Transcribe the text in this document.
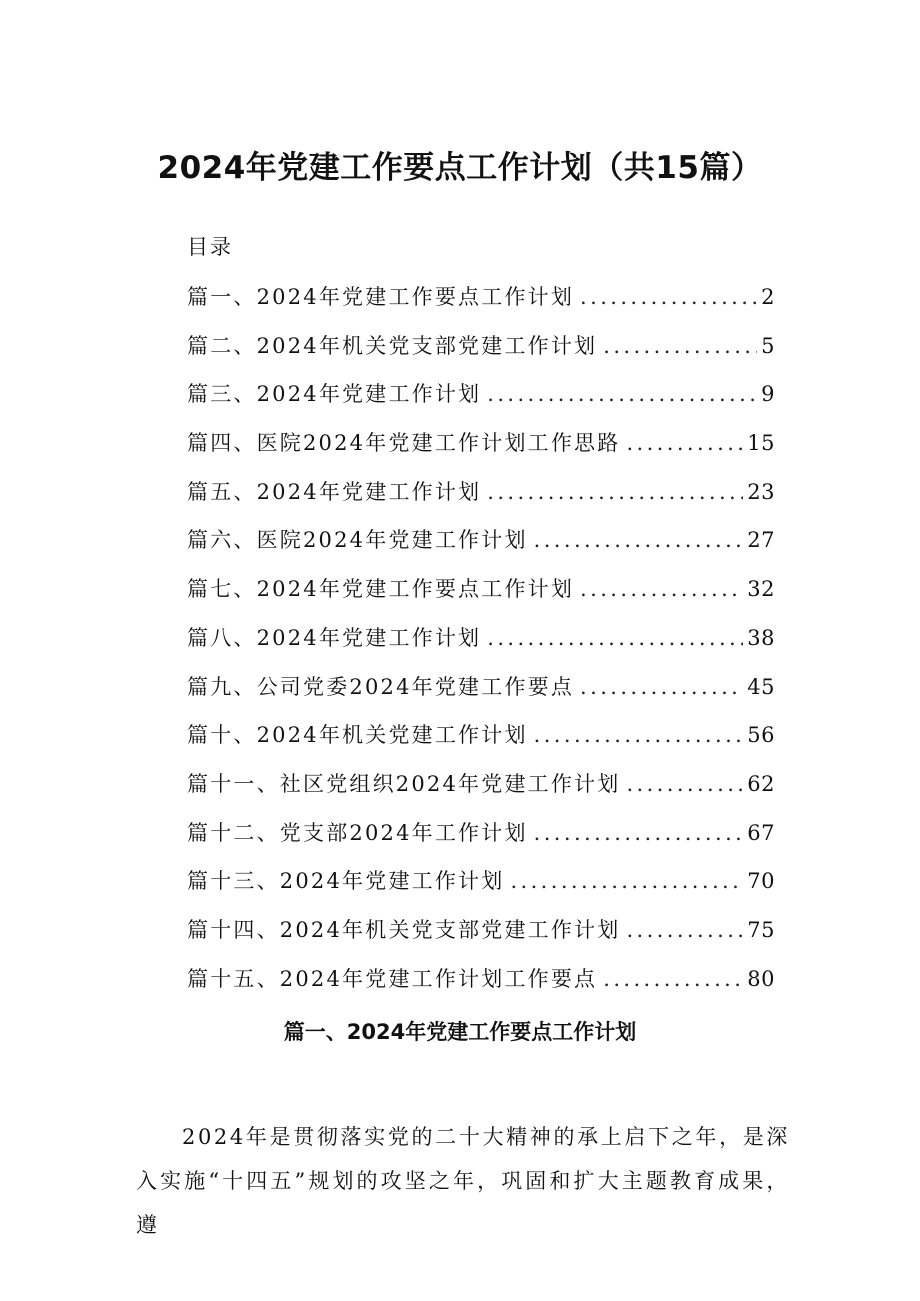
2024年党建工作要点工作计划（共15篇）
目录
篇一、2024年党建工作要点工作计划 .....	2
篇二、2024年机关党支部党建工作计划 .....	5
篇三、2024年党建工作计划 .....	9
篇四、医院2024年党建工作计划工作思路 .....	15
篇五、2024年党建工作计划 .....	23
篇六、医院2024年党建工作计划 .....	27
篇七、2024年党建工作要点工作计划 .....	32
篇八、2024年党建工作计划 .....	38
篇九、公司党委2024年党建工作要点 .....	45
篇十、2024年机关党建工作计划 .....	56
篇十一、社区党组织2024年党建工作计划 .....	62
篇十二、党支部2024年工作计划 .....	67
篇十三、2024年党建工作计划 .....	70
篇十四、2024年机关党支部党建工作计划 .....	75
篇十五、2024年党建工作计划工作要点 .....	80
篇一、2024年党建工作要点工作计划

2024年是贯彻落实党的二十大精神的承上启下之年，是深入实施“十四五”规划的攻坚之年，巩固和扩大主题教育成果，遵
